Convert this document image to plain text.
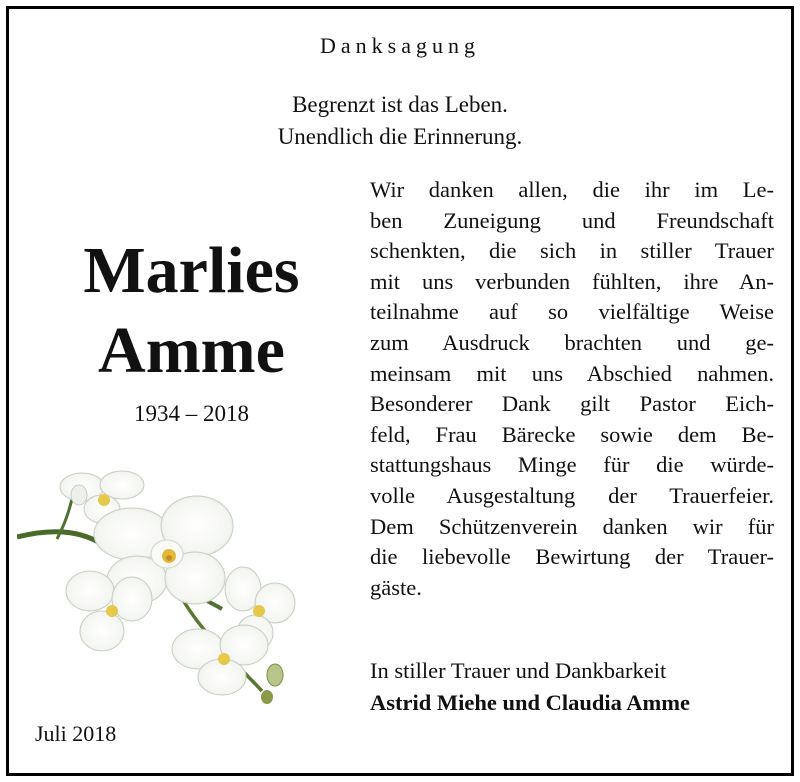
Danksagung
Begrenzt ist das Leben.
Unendlich die Erinnerung.
Marlies
Amme
1934 – 2018
Juli 2018
Wir danken allen, die ihr im Le-
ben Zuneigung und Freundschaft
schenkten, die sich in stiller Trauer
mit uns verbunden fühlten, ihre An-
teilnahme auf so vielfältige Weise
zum Ausdruck brachten und ge-
meinsam mit uns Abschied nahmen.
Besonderer Dank gilt Pastor Eich-
feld, Frau Bärecke sowie dem Be-
stattungshaus Minge für die würde-
volle Ausgestaltung der Trauerfeier.
Dem Schützenverein danken wir für
die liebevolle Bewirtung der Trauer-
gäste.
In stiller Trauer und Dankbarkeit
Astrid Miehe und Claudia Amme
